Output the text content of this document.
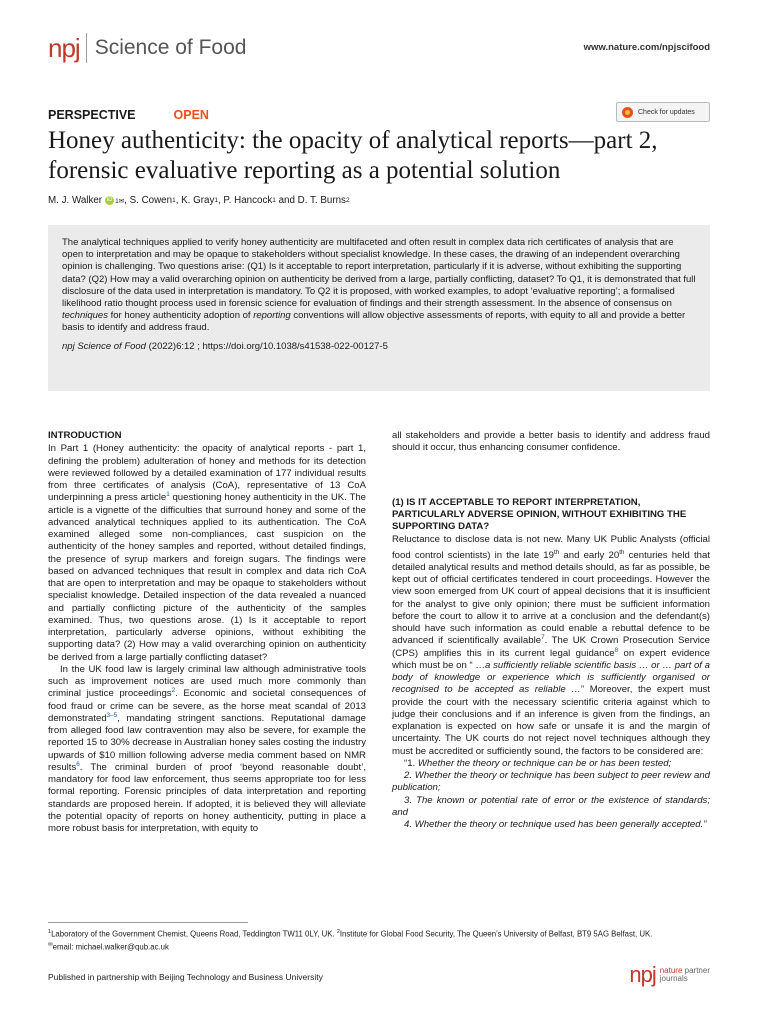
npj Science of Food	www.nature.com/npjscifood
PERSPECTIVE	OPEN	Check for updates
Honey authenticity: the opacity of analytical reports—part 2, forensic evaluative reporting as a potential solution
M. J. Walker iD 1✉ , S. Cowen 1 , K. Gray 1 , P. Hancock 1 and D. T. Burns 2

The analytical techniques applied to verify honey authenticity are multifaceted and often result in complex data rich certificates of analysis that are open to interpretation and may be opaque to stakeholders without specialist knowledge. In these cases, the drawing of an independent overarching opinion is challenging. Two questions arise: (Q1) Is it acceptable to report interpretation, particularly if it is adverse, without exhibiting the supporting data? (Q2) How may a valid overarching opinion on authenticity be derived from a large, partially conflicting, dataset? To Q1, it is demonstrated that full disclosure of the data used in interpretation is mandatory. To Q2 it is proposed, with worked examples, to adopt ‘evaluative reporting’; a formalised likelihood ratio thought process used in forensic science for evaluation of findings and their strength assessment. In the absence of consensus on techniques for honey authenticity adoption of reporting conventions will allow objective assessments of reports, with equity to all and provide a better basis to identify and address fraud.

npj Science of Food (2022)6:12 ; https://doi.org/10.1038/s41538-022-00127-5

INTRODUCTION

In Part 1 (Honey authenticity: the opacity of analytical reports - part 1, defining the problem) adulteration of honey and methods for its detection were reviewed followed by a detailed examination of 177 individual results from three certificates of analysis (CoA), representative of 13 CoA underpinning a press article$^1$ questioning honey authenticity in the UK. The article is a vignette of the difficulties that surround honey and some of the advanced analytical techniques applied to its authentication. The CoA examined alleged some non-compliances, cast suspicion on the authenticity of the honey samples and reported, without detailed findings, the presence of syrup markers and foreign sugars. The findings were based on advanced techniques that result in complex and data rich CoA that are open to interpretation and may be opaque to stakeholders without specialist knowledge. Detailed inspection of the data revealed a nuanced and partially conflicting picture of the authenticity of the samples examined. Thus, two questions arose. (1) Is it acceptable to report interpretation, particularly adverse opinions, without exhibiting the supporting data? (2) How may a valid overarching opinion on authenticity be derived from a large partially conflicting dataset?

In the UK food law is largely criminal law although administrative tools such as improvement notices are used much more commonly than criminal justice proceedings$^2$. Economic and societal consequences of food fraud or crime can be severe, as the horse meat scandal of 2013 demonstrated$^{3-5}$, mandating stringent sanctions. Reputational damage from alleged food law contravention may also be severe, for example the reported 15 to 30% decrease in Australian honey sales costing the industry upwards of $10 million following adverse media comment based on NMR results$^6$. The criminal burden of proof ‘beyond reasonable doubt’, mandatory for food law enforcement, thus seems appropriate too for less formal reporting. Forensic principles of data interpretation and reporting standards are proposed herein. If adopted, it is believed they will alleviate the potential opacity of reports on honey authenticity, putting in place a more robust basis for interpretation, with equity to

all stakeholders and provide a better basis to identify and address fraud should it occur, thus enhancing consumer confidence.

(1) IS IT ACCEPTABLE TO REPORT INTERPRETATION, PARTICULARLY ADVERSE OPINION, WITHOUT EXHIBITING THE SUPPORTING DATA?

Reluctance to disclose data is not new. Many UK Public Analysts (official food control scientists) in the late 19th and early 20th centuries held that detailed analytical results and method details should, as far as possible, be kept out of official certificates tendered in court proceedings. However the view soon emerged from UK court of appeal decisions that it is insufficient for the analyst to give only opinion; there must be sufficient information before the court to allow it to arrive at a conclusion and the defendant(s) should have such information as could enable a rebuttal defence to be advanced if scientifically available$^7$. The UK Crown Prosecution Service (CPS) amplifies this in its current legal guidance$^8$ on expert evidence which must be on “ …a sufficiently reliable scientific basis … or … part of a body of knowledge or experience which is sufficiently organised or recognised to be accepted as reliable …” Moreover, the expert must provide the court with the necessary scientific criteria against which to judge their conclusions and if an inference is given from the findings, an explanation is expected on how safe or unsafe it is and the margin of uncertainty. The UK courts do not reject novel techniques although they must be accredited or sufficiently sound, the factors to be considered are:

“1. Whether the theory or technique can be or has been tested;

2. Whether the theory or technique has been subject to peer review and publication;

3. The known or potential rate of error or the existence of standards; and

4. Whether the theory or technique used has been generally accepted.”

$^1$Laboratory of the Government Chemist, Queens Road, Teddington TW11 0LY, UK. $^2$Institute for Global Food Security, The Queen’s University of Belfast, BT9 5AG Belfast, UK.
✉email: michael.walker@qub.ac.uk
Published in partnership with Beijing Technology and Business University	npj nature partner
journals
